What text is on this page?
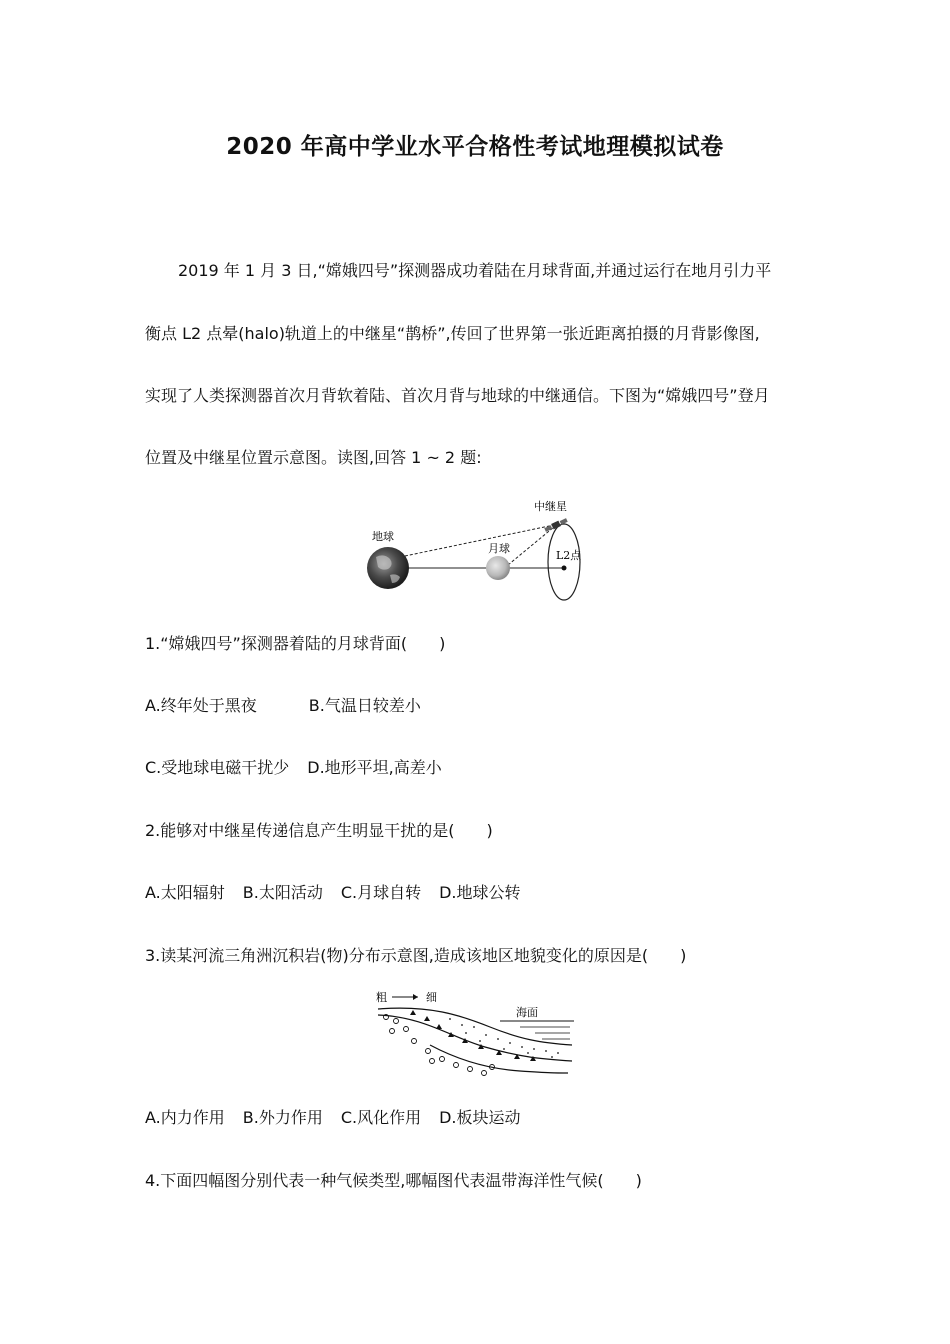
2020 年高中学业水平合格性考试地理模拟试卷
2019 年 1 月 3 日,“嫦娥四号”探测器成功着陆在月球背面,并通过运行在地月引力平
衡点 L2 点晕(halo)轨道上的中继星“鹊桥”,传回了世界第一张近距离拍摄的月背影像图,
实现了人类探测器首次月背软着陆、首次月背与地球的中继通信。下图为“嫦娥四号”登月
位置及中继星位置示意图。读图,回答 1 ~ 2 题:
地球
月球
中继星
L2点
1.“嫦娥四号”探测器着陆的月球背面(　　)
A.终年处于黑夜	B.气温日较差小
C.受地球电磁干扰少 D.地形平坦,高差小
2.能够对中继星传递信息产生明显干扰的是(　　)
A.太阳辐射 B.太阳活动 C.月球自转 D.地球公转
3.读某河流三角洲沉积岩(物)分布示意图,造成该地区地貌变化的原因是(　　)
粗	细
海面
A.内力作用 B.外力作用 C.风化作用 D.板块运动
4.下面四幅图分别代表一种气候类型,哪幅图代表温带海洋性气候(　　)
